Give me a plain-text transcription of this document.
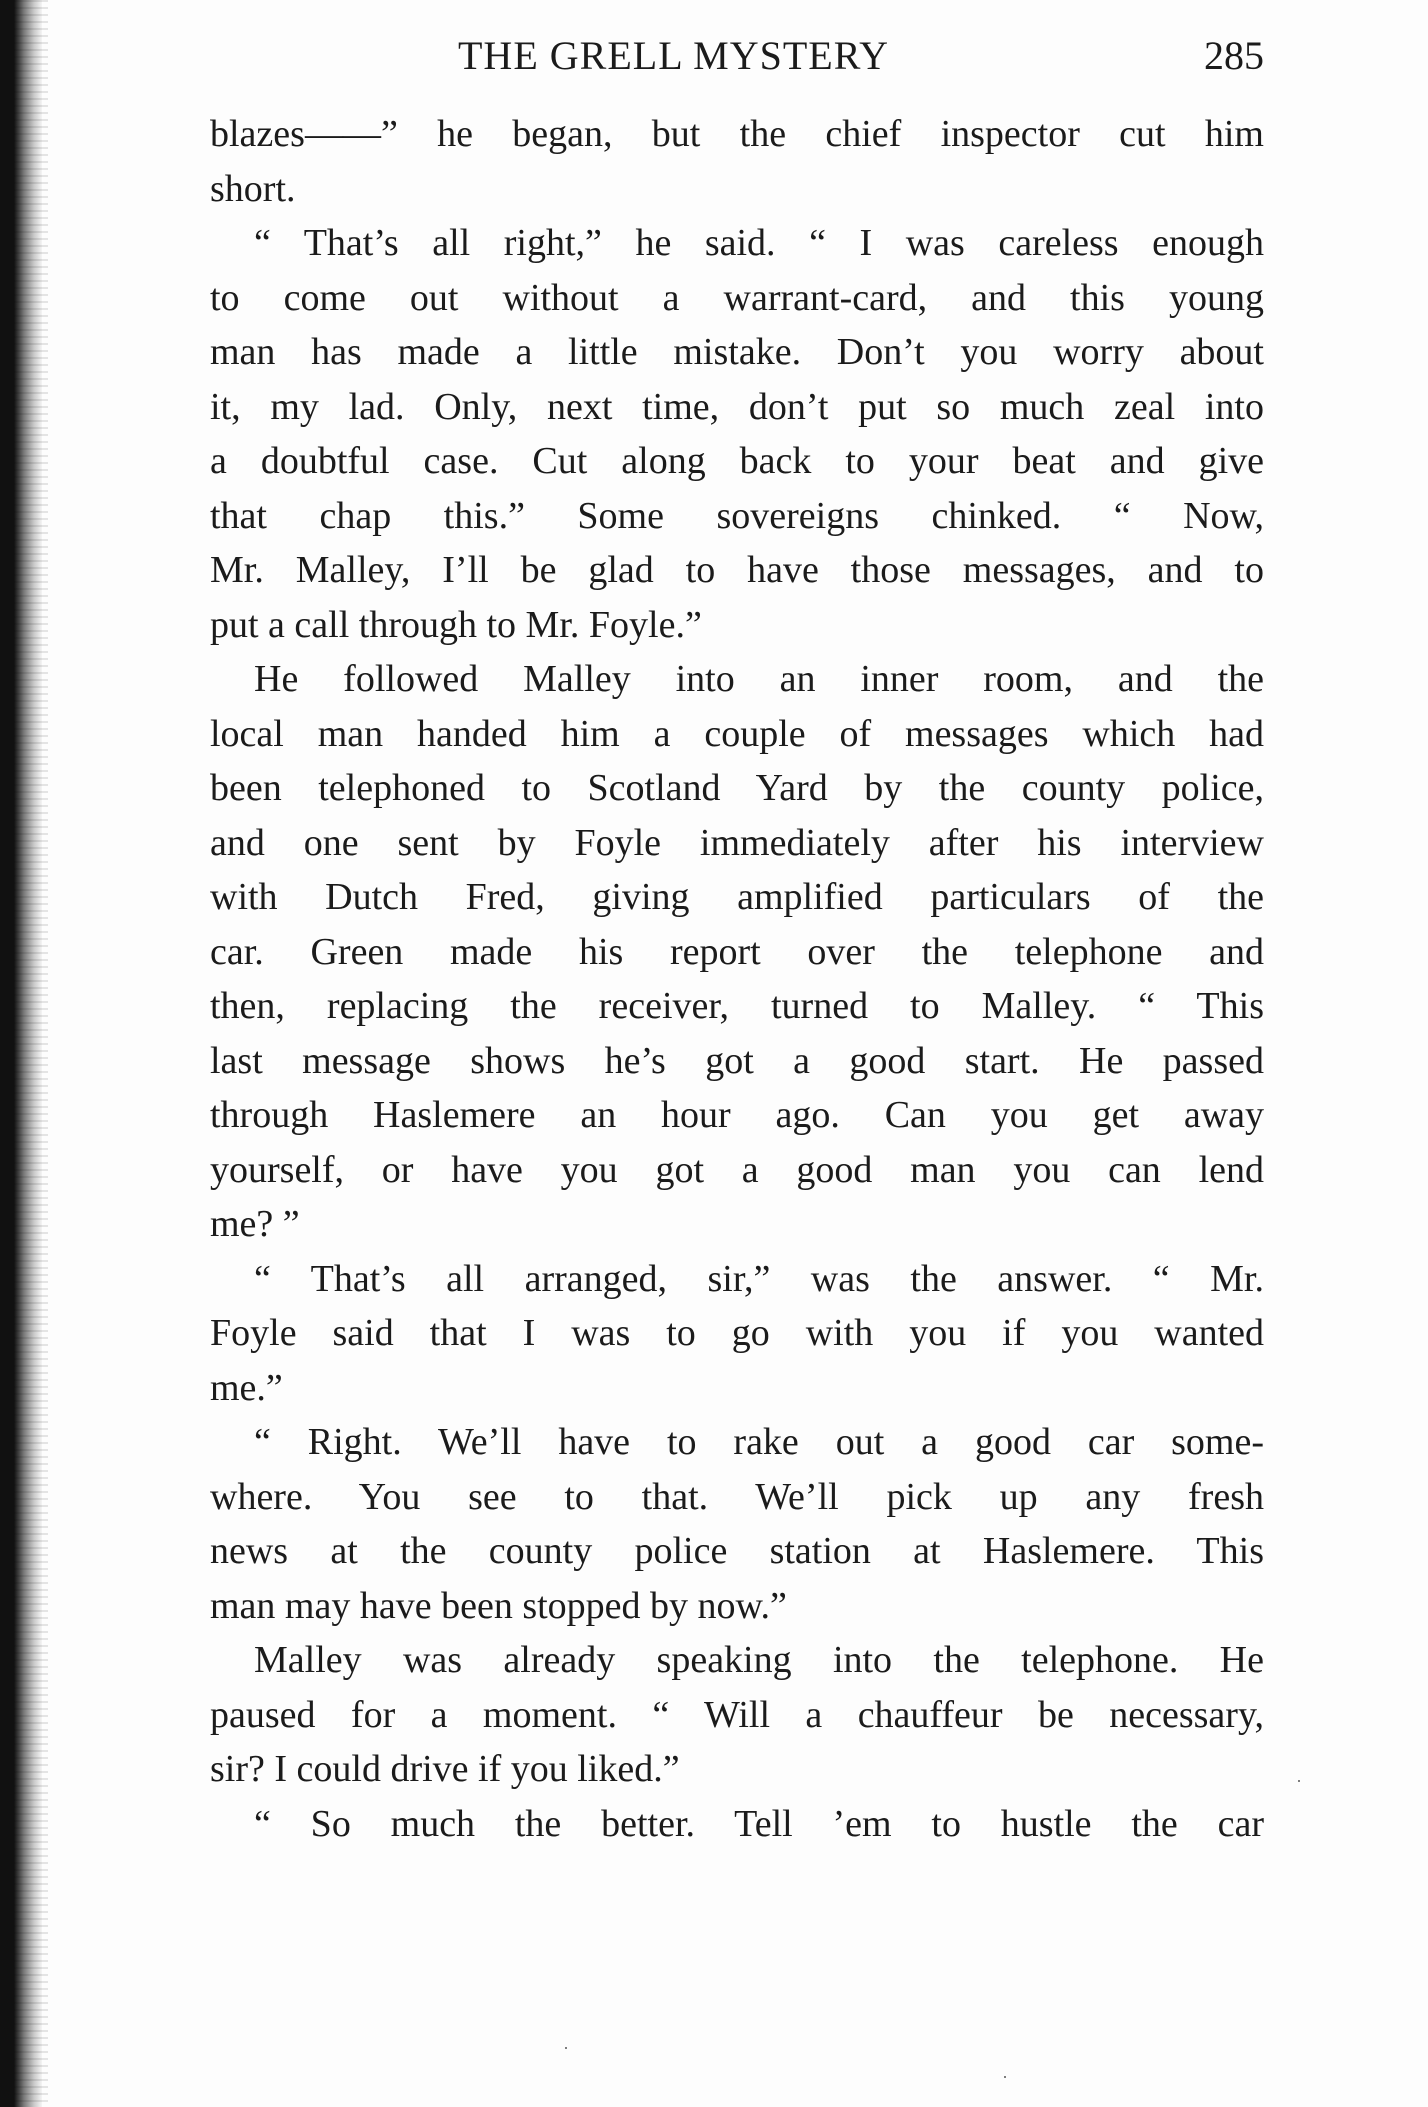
THE GRELL MYSTERY	285
blazes——” he began, but the chief inspector cut him
short.
“ That’s all right,” he said. “ I was careless enough
to come out without a warrant-card, and this young
man has made a little mistake. Don’t you worry about
it, my lad. Only, next time, don’t put so much zeal into
a doubtful case. Cut along back to your beat and give
that chap this.” Some sovereigns chinked. “ Now,
Mr. Malley, I’ll be glad to have those messages, and to
put a call through to Mr. Foyle.”
He followed Malley into an inner room, and the
local man handed him a couple of messages which had
been telephoned to Scotland Yard by the county police,
and one sent by Foyle immediately after his interview
with Dutch Fred, giving amplified particulars of the
car. Green made his report over the telephone and
then, replacing the receiver, turned to Malley. “ This
last message shows he’s got a good start. He passed
through Haslemere an hour ago. Can you get away
yourself, or have you got a good man you can lend
me? ”
“ That’s all arranged, sir,” was the answer. “ Mr.
Foyle said that I was to go with you if you wanted
me.”
“ Right. We’ll have to rake out a good car some-
where. You see to that. We’ll pick up any fresh
news at the county police station at Haslemere. This
man may have been stopped by now.”
Malley was already speaking into the telephone. He
paused for a moment. “ Will a chauffeur be necessary,
sir? I could drive if you liked.”
“ So much the better. Tell ’em to hustle the car
